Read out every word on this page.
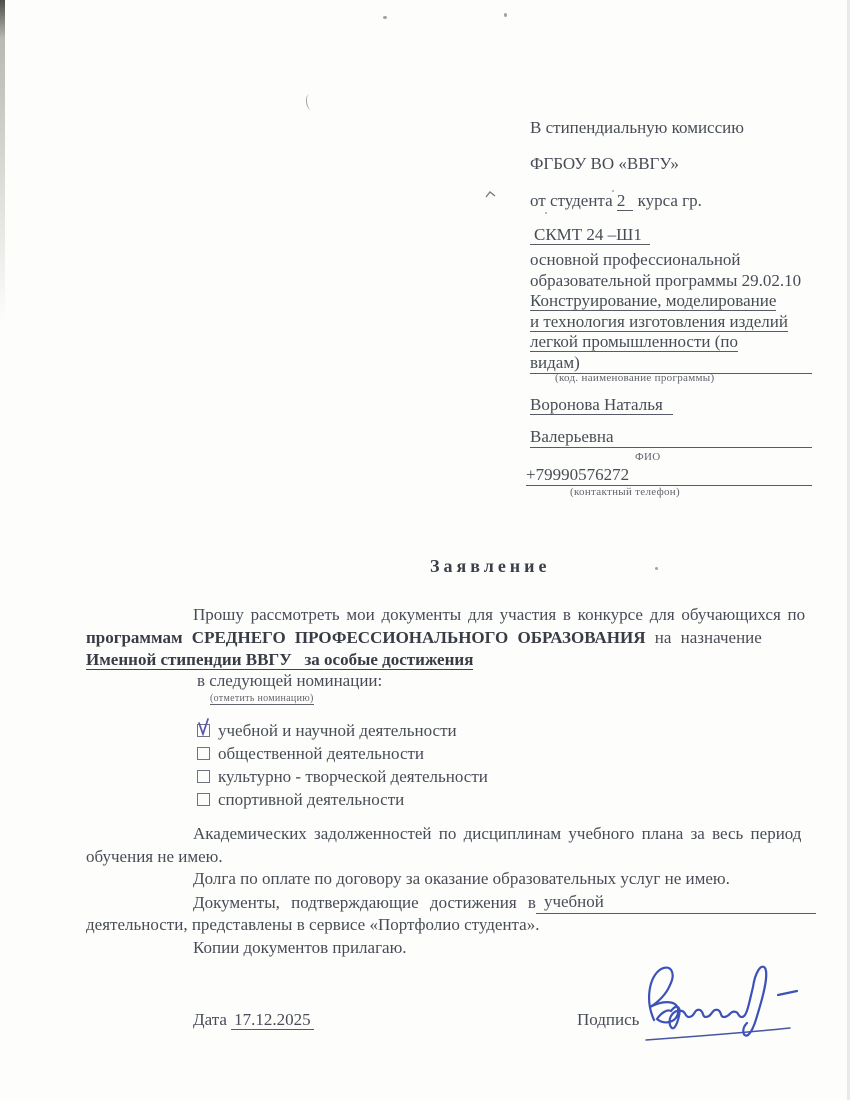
В стипендиальную комиссию
ФГБОУ ВО «ВВГУ»
от студента 2 курса гр.
СКМТ 24 –Ш1
основной профессиональной
образовательной программы 29.02.10
Конструирование, моделирование
и технология изготовления изделий
легкой промышленности (по
видам)
(код. наименование программы)
Воронова Наталья
Валерьевна
ФИО
+79990576272
(контактный телефон)
Заявление
Прошу рассмотреть мои документы для участия в конкурсе для обучающихся по
программам СРЕДНЕГО ПРОФЕССИОНАЛЬНОГО ОБРАЗОВАНИЯ на назначение
Именной стипендии ВВГУ   за особые достижения
в следующей номинации:
(отметить номинацию)
учебной и научной деятельности
общественной деятельности
культурно - творческой деятельности
спортивной деятельности
Академических задолженностей по дисциплинам учебного плана за весь период
обучения не имею.
Долга по оплате по договору за оказание образовательных услуг не имею.
Документы, подтверждающие достижения в учебной
деятельности, представлены в сервисе «Портфолио студента».
Копии документов прилагаю.
Дата 17.12.2025	Подпись
